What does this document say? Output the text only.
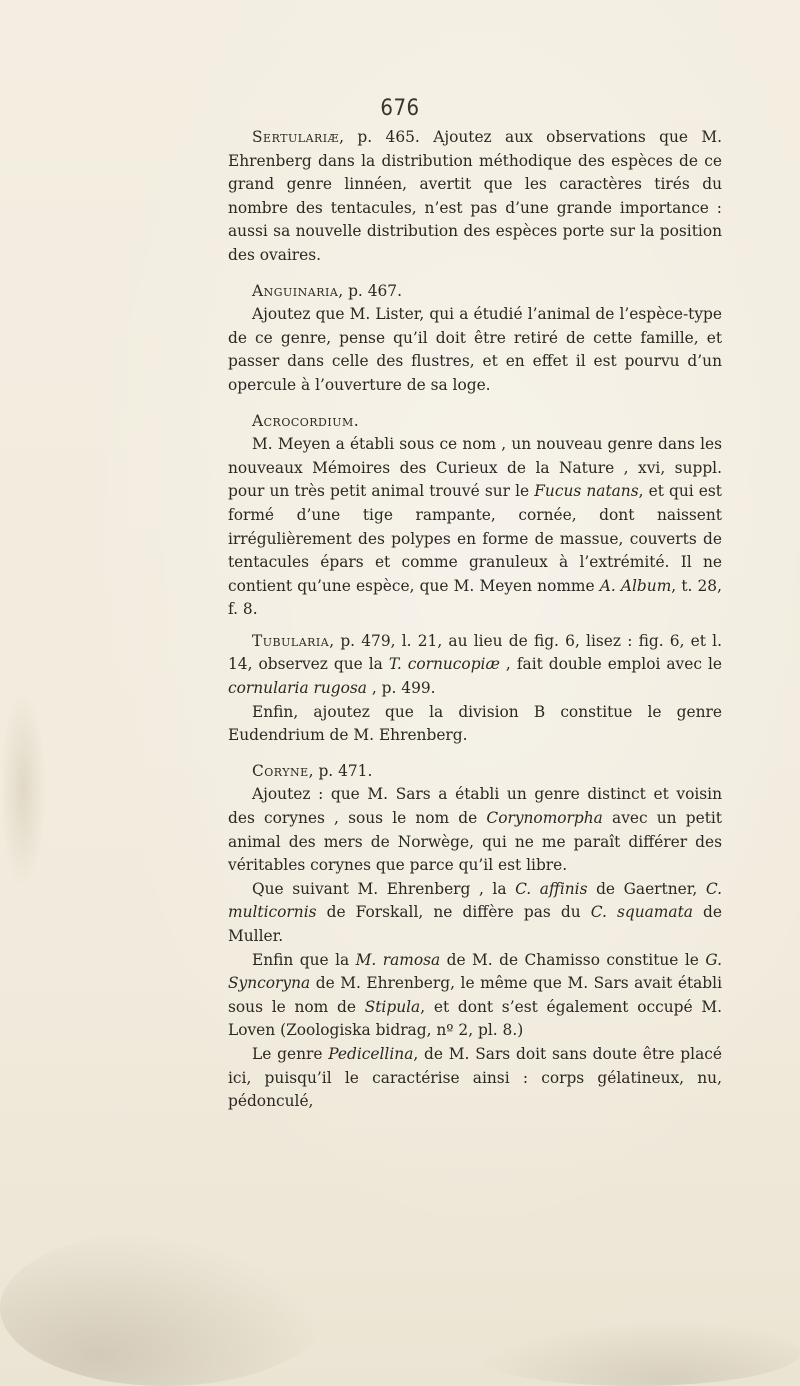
676

Sertulariæ, p. 465. Ajoutez aux observations que M. Ehrenberg dans la distribution méthodique des espèces de ce grand genre linnéen, avertit que les caractères tirés du nombre des tentacules, n’est pas d’une grande importance : aussi sa nouvelle distribution des espèces porte sur la position des ovaires.

Anguinaria, p. 467.

Ajoutez que M. Lister, qui a étudié l’animal de l’espèce-type de ce genre, pense qu’il doit être retiré de cette famille, et passer dans celle des flustres, et en effet il est pourvu d’un opercule à l’ouverture de sa loge.

Acrocordium.

M. Meyen a établi sous ce nom , un nouveau genre dans les nouveaux Mémoires des Curieux de la Nature , xvi, suppl. pour un très petit animal trouvé sur le Fucus natans, et qui est formé d’une tige rampante, cornée, dont naissent irrégulièrement des polypes en forme de massue, couverts de tentacules épars et comme granuleux à l’extrémité. Il ne contient qu’une espèce, que M. Meyen nomme A. Album, t. 28, f. 8.

Tubularia, p. 479, l. 21, au lieu de fig. 6, lisez : fig. 6, et l. 14, observez que la T. cornucopiæ , fait double emploi avec le cornularia rugosa , p. 499.

Enfin, ajoutez que la division B constitue le genre Eudendrium de M. Ehrenberg.

Coryne, p. 471.

Ajoutez : que M. Sars a établi un genre distinct et voisin des corynes , sous le nom de Corynomorpha avec un petit animal des mers de Norwège, qui ne me paraît différer des véritables corynes que parce qu’il est libre.

Que suivant M. Ehrenberg , la C. affinis de Gaertner, C. multicornis de Forskall, ne diffère pas du C. squamata de Muller.

Enfin que la M. ramosa de M. de Chamisso constitue le G. Syncoryna de M. Ehrenberg, le même que M. Sars avait établi sous le nom de Stipula, et dont s’est également occupé M. Loven (Zoologiska bidrag, nº 2, pl. 8.)

Le genre Pedicellina, de M. Sars doit sans doute être placé ici, puisqu’il le caractérise ainsi : corps gélatineux, nu, pédonculé,
